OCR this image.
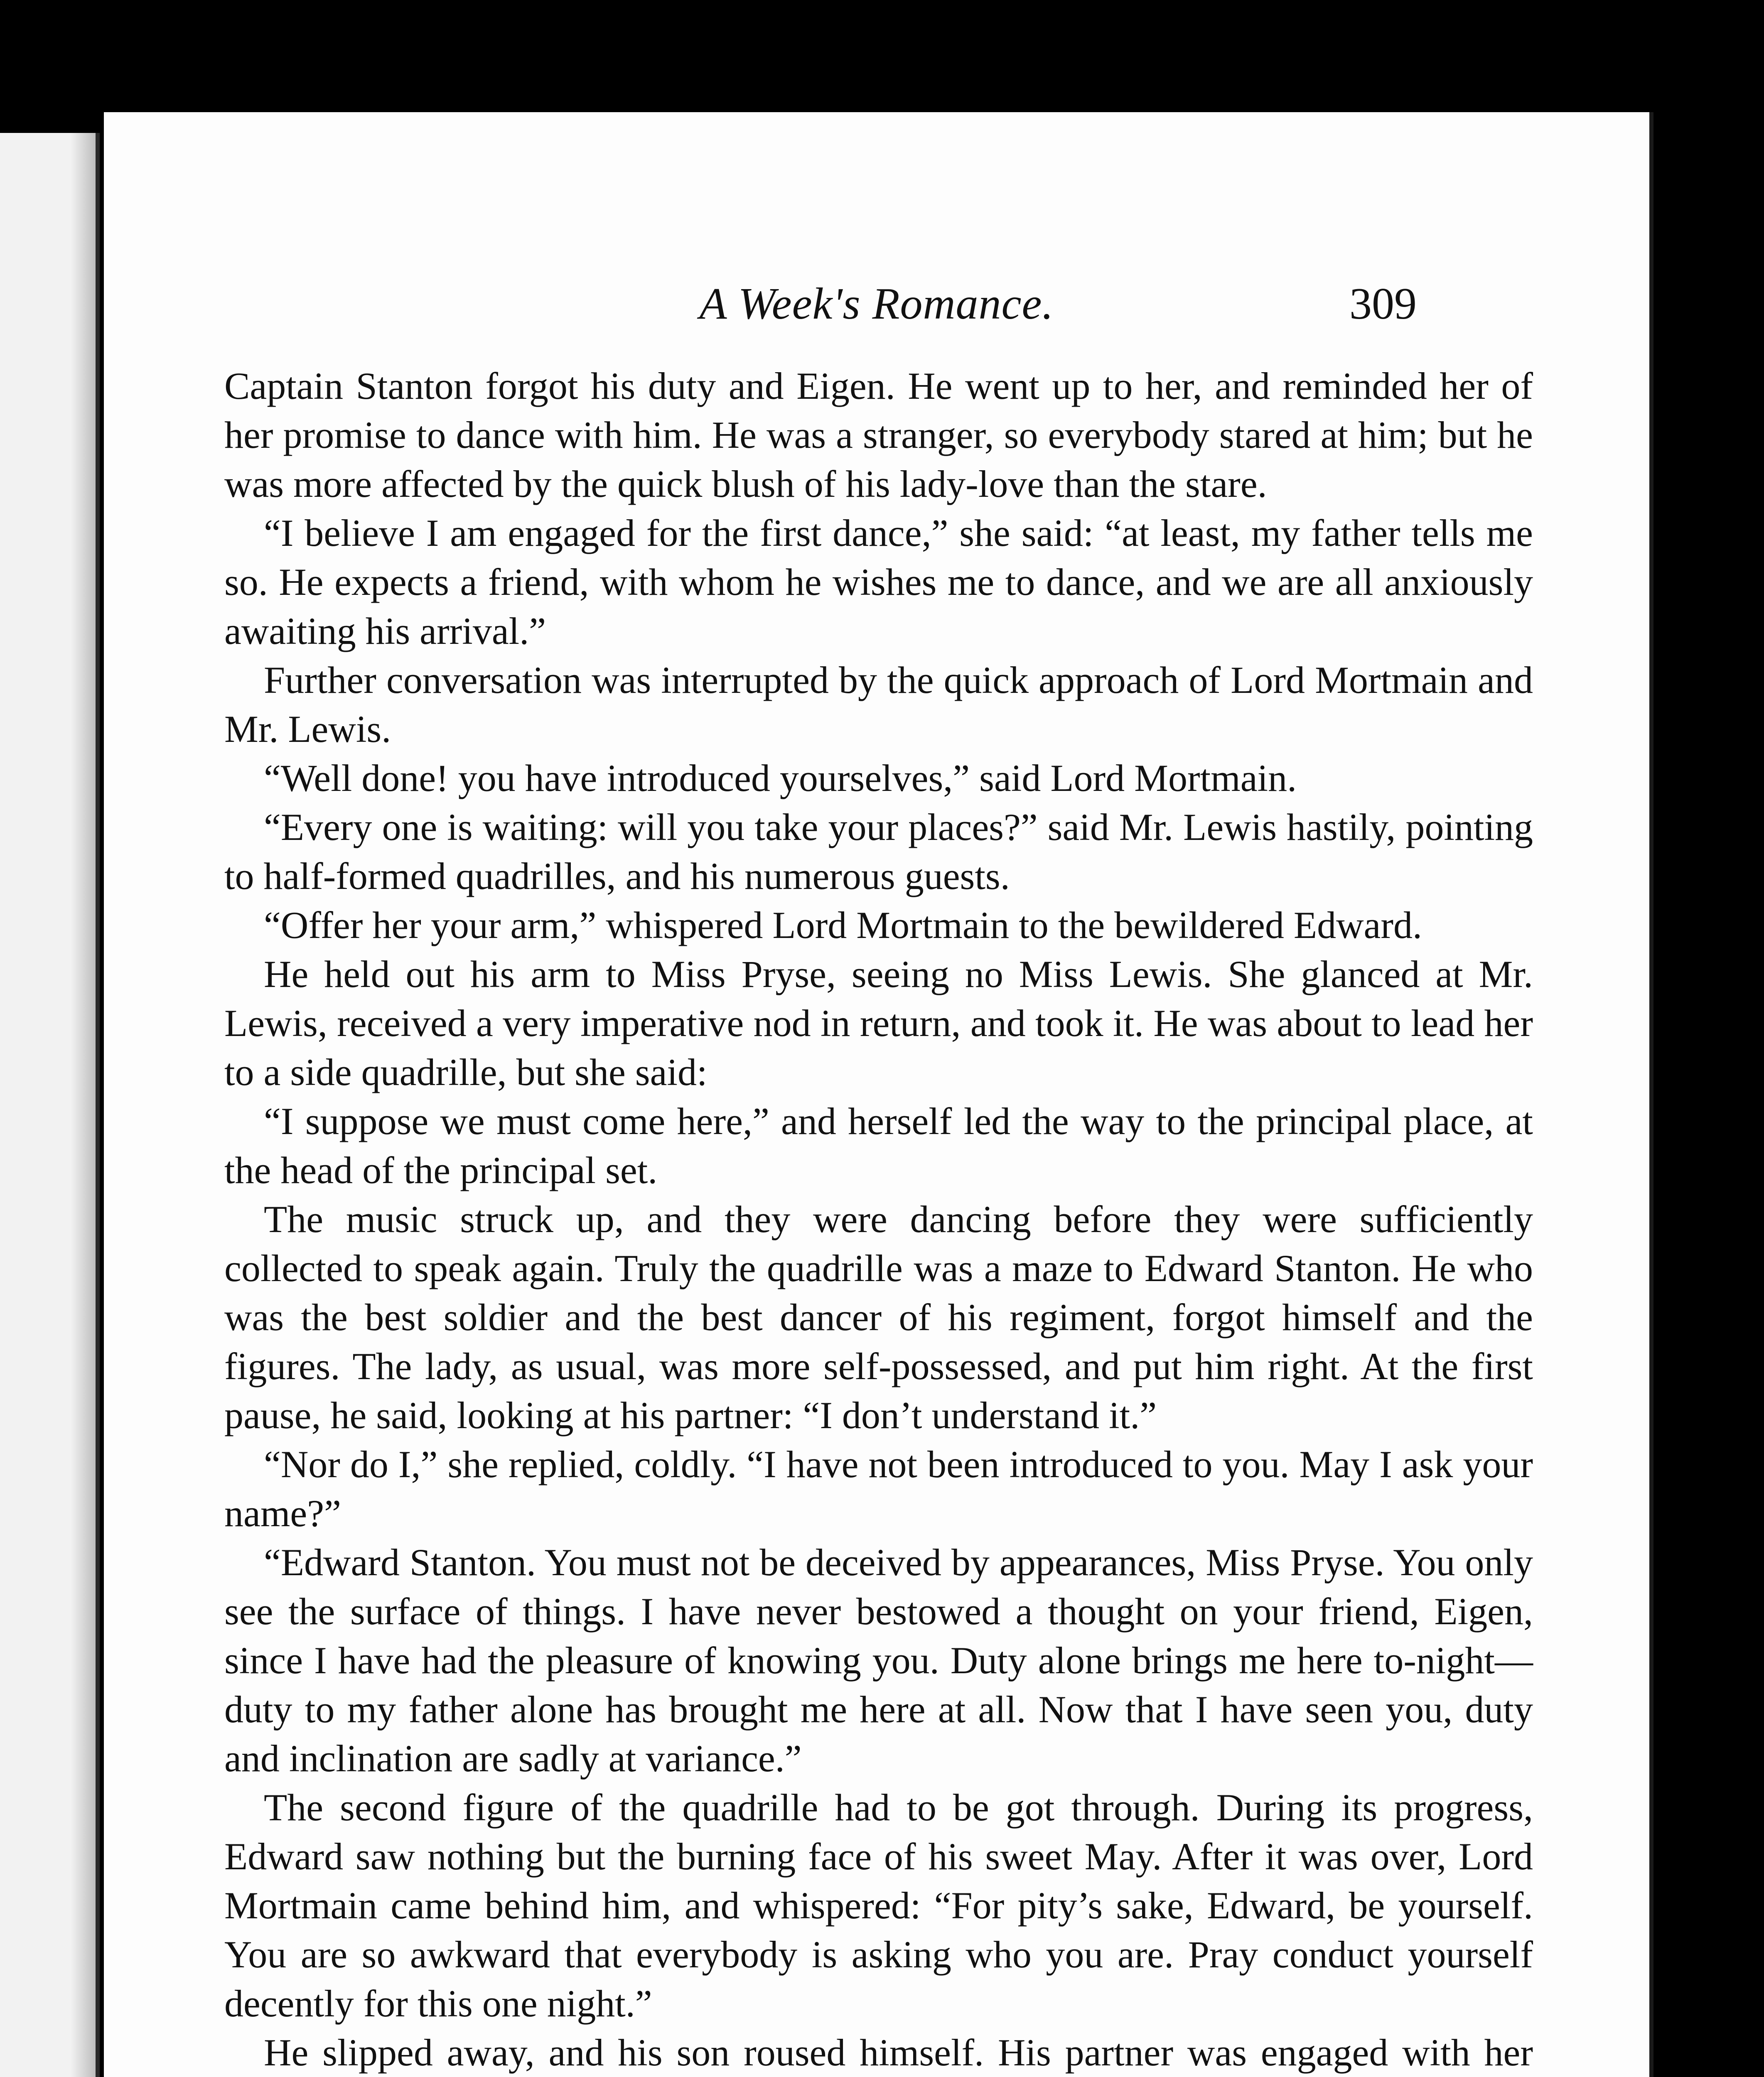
A Week's Romance.	309

Captain Stanton forgot his duty and Eigen. He went up to her, and reminded her of her promise to dance with him. He was a stranger, so everybody stared at him; but he was more affected by the quick blush of his lady-love than the stare.

“I believe I am engaged for the first dance,” she said: “at least, my father tells me so. He expects a friend, with whom he wishes me to dance, and we are all anxiously awaiting his arrival.”

Further conversation was interrupted by the quick approach of Lord Mortmain and Mr. Lewis.

“Well done! you have introduced yourselves,” said Lord Mortmain.

“Every one is waiting: will you take your places?” said Mr. Lewis hastily, pointing to half-formed quadrilles, and his numerous guests.

“Offer her your arm,” whispered Lord Mortmain to the bewildered Edward.

He held out his arm to Miss Pryse, seeing no Miss Lewis. She glanced at Mr. Lewis, received a very imperative nod in return, and took it. He was about to lead her to a side quadrille, but she said:

“I suppose we must come here,” and herself led the way to the principal place, at the head of the principal set.

The music struck up, and they were dancing before they were sufficiently collected to speak again. Truly the quadrille was a maze to Edward Stanton. He who was the best soldier and the best dancer of his regiment, forgot himself and the figures. The lady, as usual, was more self-possessed, and put him right. At the first pause, he said, looking at his partner: “I don’t understand it.”

“Nor do I,” she replied, coldly. “I have not been introduced to you. May I ask your name?”

“Edward Stanton. You must not be deceived by appearances, Miss Pryse. You only see the surface of things. I have never bestowed a thought on your friend, Eigen, since I have had the pleasure of knowing you. Duty alone brings me here to-night—duty to my father alone has brought me here at all. Now that I have seen you, duty and inclination are sadly at variance.”

The second figure of the quadrille had to be got through. During its progress, Edward saw nothing but the burning face of his sweet May. After it was over, Lord Mortmain came behind him, and whispered: “For pity’s sake, Edward, be yourself. You are so awkward that everybody is asking who you are. Pray conduct yourself decently for this one night.”

He slipped away, and his son roused himself. His partner was engaged with her
